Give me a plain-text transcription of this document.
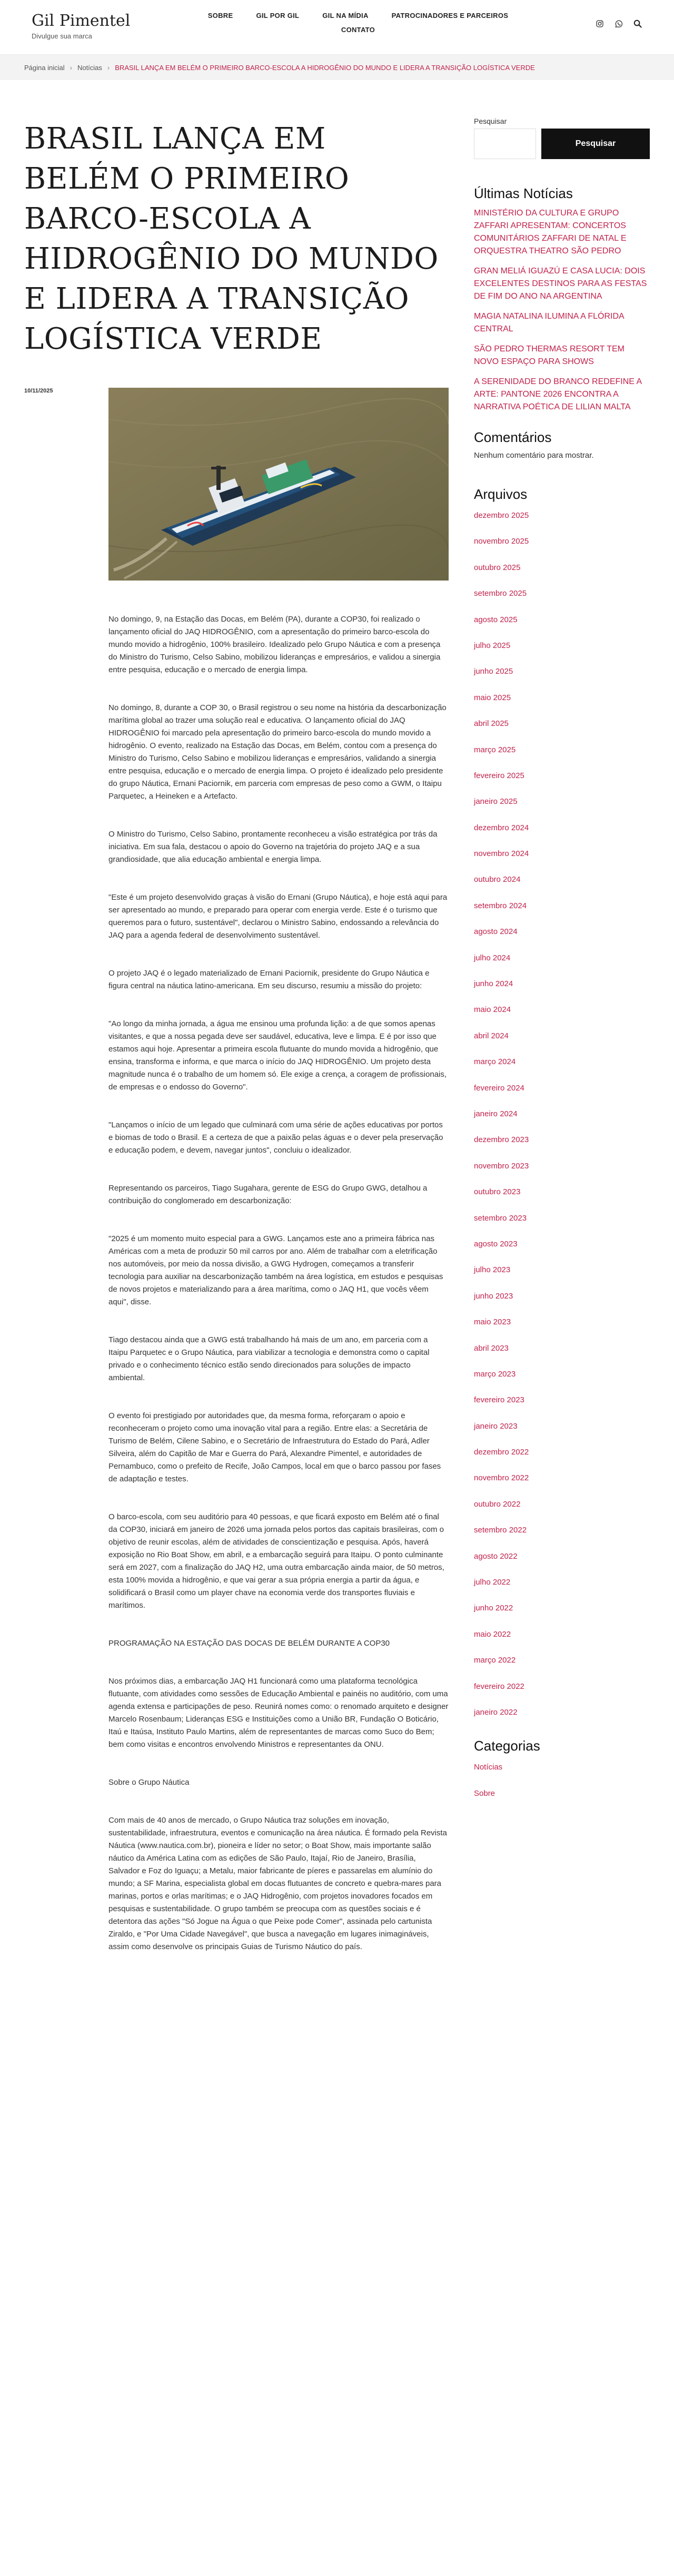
Gil Pimentel
Divulgue sua marca
SOBRE	GIL POR GIL	GIL NA MÍDIA	PATROCINADORES E PARCEIROS
CONTATO
Página inicial › Notícias › BRASIL LANÇA EM BELÉM O PRIMEIRO BARCO-ESCOLA A HIDROGÊNIO DO MUNDO E LIDERA A TRANSIÇÃO LOGÍSTICA VERDE
BRASIL LANÇA EM BELÉM O PRIMEIRO BARCO-ESCOLA A HIDROGÊNIO DO MUNDO E LIDERA A TRANSIÇÃO LOGÍSTICA VERDE
10/11/2025

No domingo, 9, na Estação das Docas, em Belém (PA), durante a COP30, foi realizado o lançamento oficial do JAQ HIDROGÊNIO, com a apresentação do primeiro barco-escola do mundo movido a hidrogênio, 100% brasileiro. Idealizado pelo Grupo Náutica e com a presença do Ministro do Turismo, Celso Sabino, mobilizou lideranças e empresários, e validou a sinergia entre pesquisa, educação e o mercado de energia limpa.

No domingo, 8, durante a COP 30, o Brasil registrou o seu nome na história da descarbonização marítima global ao trazer uma solução real e educativa. O lançamento oficial do JAQ HIDROGÊNIO foi marcado pela apresentação do primeiro barco-escola do mundo movido a hidrogênio. O evento, realizado na Estação das Docas, em Belém, contou com a presença do Ministro do Turismo, Celso Sabino e mobilizou lideranças e empresários, validando a sinergia entre pesquisa, educação e o mercado de energia limpa. O projeto é idealizado pelo presidente do grupo Náutica, Ernani Paciornik, em parceria com empresas de peso como a GWM, o Itaipu Parquetec, a Heineken e a Artefacto.

O Ministro do Turismo, Celso Sabino, prontamente reconheceu a visão estratégica por trás da iniciativa. Em sua fala, destacou o apoio do Governo na trajetória do projeto JAQ e a sua grandiosidade, que alia educação ambiental e energia limpa.

"Este é um projeto desenvolvido graças à visão do Ernani (Grupo Náutica), e hoje está aqui para ser apresentado ao mundo, e preparado para operar com energia verde. Este é o turismo que queremos para o futuro, sustentável", declarou o Ministro Sabino, endossando a relevância do JAQ para a agenda federal de desenvolvimento sustentável.

O projeto JAQ é o legado materializado de Ernani Paciornik, presidente do Grupo Náutica e figura central na náutica latino-americana. Em seu discurso, resumiu a missão do projeto:

"Ao longo da minha jornada, a água me ensinou uma profunda lição: a de que somos apenas visitantes, e que a nossa pegada deve ser saudável, educativa, leve e limpa. E é por isso que estamos aqui hoje. Apresentar a primeira escola flutuante do mundo movida a hidrogênio, que ensina, transforma e informa, e que marca o início do JAQ HIDROGÊNIO. Um projeto desta magnitude nunca é o trabalho de um homem só. Ele exige a crença, a coragem de profissionais, de empresas e o endosso do Governo".

"Lançamos o início de um legado que culminará com uma série de ações educativas por portos e biomas de todo o Brasil. E a certeza de que a paixão pelas águas e o dever pela preservação e educação podem, e devem, navegar juntos", concluiu o idealizador.

Representando os parceiros, Tiago Sugahara, gerente de ESG do Grupo GWG, detalhou a contribuição do conglomerado em descarbonização:

"2025 é um momento muito especial para a GWG. Lançamos este ano a primeira fábrica nas Américas com a meta de produzir 50 mil carros por ano. Além de trabalhar com a eletrificação nos automóveis, por meio da nossa divisão, a GWG Hydrogen, começamos a transferir tecnologia para auxiliar na descarbonização também na área logística, em estudos e pesquisas de novos projetos e materializando para a área marítima, como o JAQ H1, que vocês vêem aqui", disse.

Tiago destacou ainda que a GWG está trabalhando há mais de um ano, em parceria com a Itaipu Parquetec e o Grupo Náutica, para viabilizar a tecnologia e demonstra como o capital privado e o conhecimento técnico estão sendo direcionados para soluções de impacto ambiental.

O evento foi prestigiado por autoridades que, da mesma forma, reforçaram o apoio e reconheceram o projeto como uma inovação vital para a região. Entre elas: a Secretária de Turismo de Belém, Cilene Sabino, e o Secretário de Infraestrutura do Estado do Pará, Adler Silveira, além do Capitão de Mar e Guerra do Pará, Alexandre Pimentel, e autoridades de Pernambuco, como o prefeito de Recife, João Campos, local em que o barco passou por fases de adaptação e testes.

O barco-escola, com seu auditório para 40 pessoas, e que ficará exposto em Belém até o final da COP30, iniciará em janeiro de 2026 uma jornada pelos portos das capitais brasileiras, com o objetivo de reunir escolas, além de atividades de conscientização e pesquisa. Após, haverá exposição no Rio Boat Show, em abril, e a embarcação seguirá para Itaipu. O ponto culminante será em 2027, com a finalização do JAQ H2, uma outra embarcação ainda maior, de 50 metros, esta 100% movida a hidrogênio, e que vai gerar a sua própria energia a partir da água, e solidificará o Brasil como um player chave na economia verde dos transportes fluviais e marítimos.

PROGRAMAÇÃO NA ESTAÇÃO DAS DOCAS DE BELÉM DURANTE A COP30

Nos próximos dias, a embarcação JAQ H1 funcionará como uma plataforma tecnológica flutuante, com atividades como sessões de Educação Ambiental e painéis no auditório, com uma agenda extensa e participações de peso. Reunirá nomes como: o renomado arquiteto e designer Marcelo Rosenbaum; Lideranças ESG e Instituições como a União BR, Fundação O Boticário, Itaú e Itaúsa, Instituto Paulo Martins, além de representantes de marcas como Suco do Bem; bem como visitas e encontros envolvendo Ministros e representantes da ONU.

Sobre o Grupo Náutica

Com mais de 40 anos de mercado, o Grupo Náutica traz soluções em inovação, sustentabilidade, infraestrutura, eventos e comunicação na área náutica. É formado pela Revista Náutica (www.nautica.com.br), pioneira e líder no setor; o Boat Show, mais importante salão náutico da América Latina com as edições de São Paulo, Itajaí, Rio de Janeiro, Brasília, Salvador e Foz do Iguaçu; a Metalu, maior fabricante de píeres e passarelas em alumínio do mundo; a SF Marina, especialista global em docas flutuantes de concreto e quebra-mares para marinas, portos e orlas marítimas; e o JAQ Hidrogênio, com projetos inovadores focados em pesquisas e sustentabilidade. O grupo também se preocupa com as questões sociais e é detentora das ações "Só Jogue na Água o que Peixe pode Comer", assinada pelo cartunista Ziraldo, e "Por Uma Cidade Navegável", que busca a navegação em lugares inimagináveis, assim como desenvolve os principais Guias de Turismo Náutico do país.

Pesquisar
Pesquisar
Últimas Notícias
MINISTÉRIO DA CULTURA E GRUPO ZAFFARI APRESENTAM: CONCERTOS COMUNITÁRIOS ZAFFARI DE NATAL E ORQUESTRA THEATRO SÃO PEDRO
GRAN MELIÁ IGUAZÚ E CASA LUCIA: DOIS EXCELENTES DESTINOS PARA AS FESTAS DE FIM DO ANO NA ARGENTINA
MAGIA NATALINA ILUMINA A FLÓRIDA CENTRAL
SÃO PEDRO THERMAS RESORT TEM NOVO ESPAÇO PARA SHOWS
A SERENIDADE DO BRANCO REDEFINE A ARTE: PANTONE 2026 ENCONTRA A NARRATIVA POÉTICA DE LILIAN MALTA
Comentários
Nenhum comentário para mostrar.
Arquivos
dezembro 2025
novembro 2025
outubro 2025
setembro 2025
agosto 2025
julho 2025
junho 2025
maio 2025
abril 2025
março 2025
fevereiro 2025
janeiro 2025
dezembro 2024
novembro 2024
outubro 2024
setembro 2024
agosto 2024
julho 2024
junho 2024
maio 2024
abril 2024
março 2024
fevereiro 2024
janeiro 2024
dezembro 2023
novembro 2023
outubro 2023
setembro 2023
agosto 2023
julho 2023
junho 2023
maio 2023
abril 2023
março 2023
fevereiro 2023
janeiro 2023
dezembro 2022
novembro 2022
outubro 2022
setembro 2022
agosto 2022
julho 2022
junho 2022
maio 2022
março 2022
fevereiro 2022
janeiro 2022
Categorias
Notícias
Sobre
